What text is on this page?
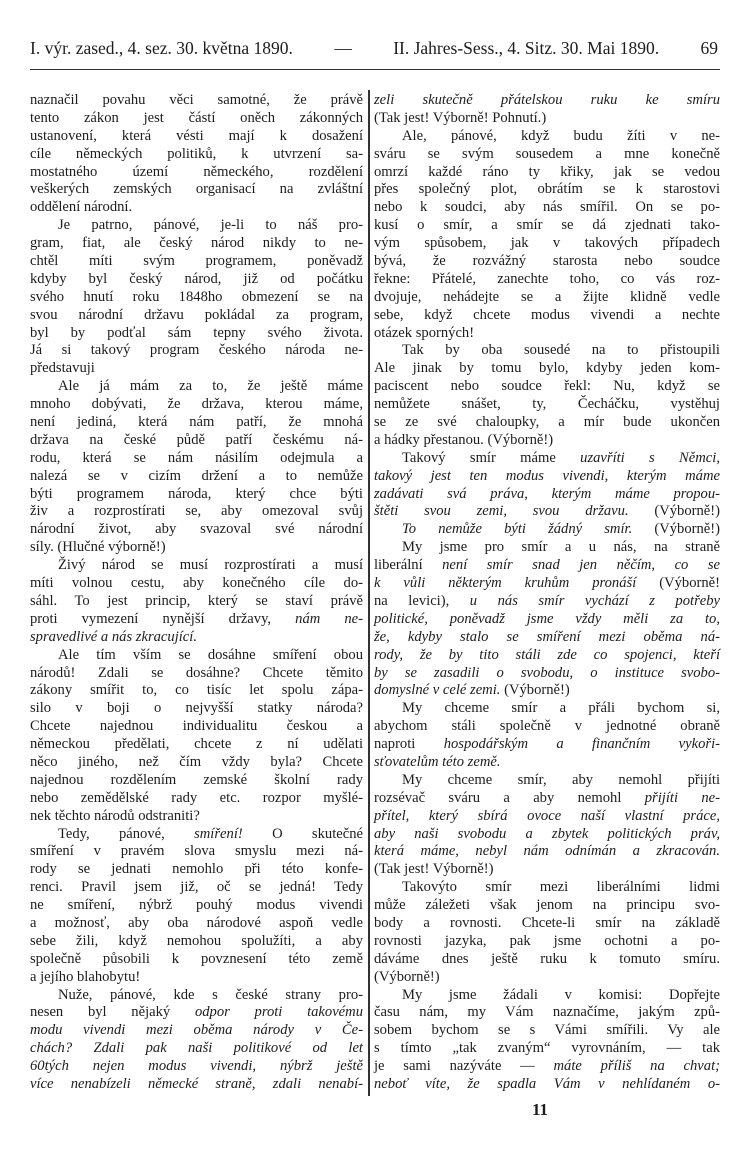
I. výr. zased., 4. sez. 30. května 1890. — II. Jahres-Sess., 4. Sitz. 30. Mai 1890. 69
naznačil povahu věci samotné, že právě
tento zákon jest částí oněch zákonných
ustanovení, která vésti mají k dosažení
cíle německých politiků, k utvrzení sa-
mostatného území německého, rozdělení
veškerých zemských organisací na zvláštní
oddělení národní.
Je patrno, pánové, je-li to náš pro-
gram, fiat, ale český národ nikdy to ne-
chtěl míti svým programem, poněvadž
kdyby byl český národ, již od počátku
svého hnutí roku 1848ho obmezení se na
svou národní državu pokládal za program,
byl by podťal sám tepny svého života.
Já si takový program českého národa ne-
představuji
Ale já mám za to, že ještě máme
mnoho dobývati, že država, kterou máme,
není jediná, která nám patří, že mnohá
država na české půdě patří českému ná-
rodu, která se nám násilím odejmula a
nalezá se v cizím držení a to nemůže
býti programem národa, který chce býti
živ a rozprostírati se, aby omezoval svůj
národní život, aby svazoval své národní
síly. (Hlučné výborně!)
Živý národ se musí rozprostírati a musí
míti volnou cestu, aby konečného cíle do-
sáhl. To jest princip, který se staví právě
proti vymezení nynější državy, nám ne-
spravedlivé a nás zkracující.
Ale tím vším se dosáhne smíření obou
národů! Zdali se dosáhne? Chcete těmito
zákony smířit to, co tisíc let spolu zápa-
silo v boji o nejvyšší statky národa?
Chcete najednou individualitu českou a
německou předělati, chcete z ní udělati
něco jiného, než čím vždy byla? Chcete
najednou rozdělením zemské školní rady
nebo zemědělské rady etc. rozpor myšlé-
nek těchto národů odstraniti?
Tedy, pánové, smíření! O skutečné
smíření v pravém slova smyslu mezi ná-
rody se jednati nemohlo při této konfe-
renci. Pravil jsem již, oč se jedná! Tedy
ne smíření, nýbrž pouhý modus vivendi
a možnosť, aby oba národové aspoň vedle
sebe žili, když nemohou spolužíti, a aby
společně působili k povznesení této země
a jejího blahobytu!
Nuže, pánové, kde s české strany pro-
nesen byl nějaký odpor proti takovému
modu vivendi mezi oběma národy v Če-
chách? Zdali pak naši politikové od let
60tých nejen modus vivendi, nýbrž ještě
více nenabízeli německé straně, zdali nenabí-
zeli skutečně přátelskou ruku ke smíru
(Tak jest! Výborně! Pohnutí.)
Ale, pánové, když budu žíti v ne-
sváru se svým sousedem a mne konečně
omrzí každé ráno ty křiky, jak se vedou
přes společný plot, obrátím se k starostovi
nebo k soudci, aby nás smířil. On se po-
kusí o smír, a smír se dá zjednati tako-
vým spůsobem, jak v takových případech
bývá, že rozvážný starosta nebo soudce
řekne: Přátelé, zanechte toho, co vás roz-
dvojuje, nehádejte se a žijte klidně vedle
sebe, když chcete modus vivendi a nechte
otázek sporných!
Tak by oba sousedé na to přistoupili
Ale jinak by tomu bylo, kdyby jeden kom-
paciscent nebo soudce řekl: Nu, když se
nemůžete snášet, ty, Čecháčku, vystěhuj
se ze své chaloupky, a mír bude ukončen
a hádky přestanou. (Výborně!)
Takový smír máme uzavříti s Němci,
takový jest ten modus vivendi, kterým máme
zadávati svá práva, kterým máme propou-
štěti svou zemi, svou državu. (Výborně!)
To nemůže býti žádný smír. (Výborně!)
My jsme pro smír a u nás, na straně
liberální není smír snad jen něčím, co se
k vůli některým kruhům pronáší (Výborně!
na levici), u nás smír vychází z potřeby
politické, poněvadž jsme vždy měli za to,
že, kdyby stalo se smíření mezi oběma ná-
rody, že by tito stáli zde co spojenci, kteří
by se zasadili o svobodu, o instituce svobo-
domyslné v celé zemi. (Výborně!)
My chceme smír a přáli bychom si,
abychom stáli společně v jednotné obraně
naproti hospodářským a finančním vykoři-
sťovatelům této země.
My chceme smír, aby nemohl přijíti
rozsévač sváru a aby nemohl přijíti ne-
přítel, který sbírá ovoce naší vlastní práce,
aby naši svobodu a zbytek politických práv,
která máme, nebyl nám odnímán a zkracován.
(Tak jest! Výborně!)
Takovýto smír mezi liberálními lidmi
může záležeti však jenom na principu svo-
body a rovnosti. Chcete-li smír na základě
rovnosti jazyka, pak jsme ochotni a po-
dáváme dnes ještě ruku k tomuto smíru.
(Výborně!)
My jsme žádali v komisi: Dopřejte
času nám, my Vám naznačíme, jakým způ-
sobem bychom se s Vámi smířili. Vy ale
s tímto „tak zvaným“ vyrovnáním, — tak
je sami nazýváte — máte příliš na chvat;
neboť víte, že spadla Vám v nehlídaném o-
11
